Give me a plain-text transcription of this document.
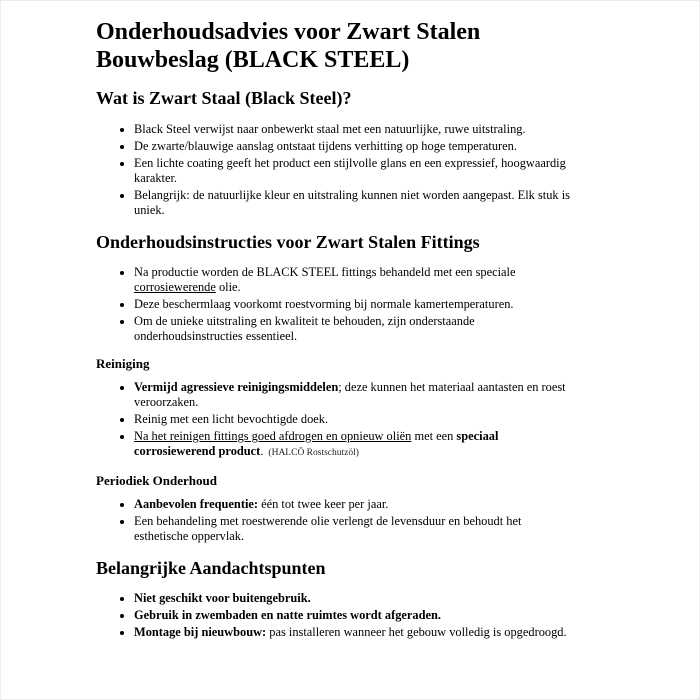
Onderhoudsadvies voor Zwart Stalen
Bouwbeslag (BLACK STEEL)
Wat is Zwart Staal (Black Steel)?
• Black Steel verwijst naar onbewerkt staal met een natuurlijke, ruwe uitstraling.
• De zwarte/blauwige aanslag ontstaat tijdens verhitting op hoge temperaturen.
• Een lichte coating geeft het product een stijlvolle glans en een expressief, hoogwaardig karakter.
• Belangrijk: de natuurlijke kleur en uitstraling kunnen niet worden aangepast. Elk stuk is uniek.
Onderhoudsinstructies voor Zwart Stalen Fittings
• Na productie worden de BLACK STEEL fittings behandeld met een speciale corrosiewerende olie.
• Deze beschermlaag voorkomt roestvorming bij normale kamertemperaturen.
• Om de unieke uitstraling en kwaliteit te behouden, zijn onderstaande onderhoudsinstructies essentieel.
Reiniging
• Vermijd agressieve reinigingsmiddelen; deze kunnen het materiaal aantasten en roest veroorzaken.
• Reinig met een licht bevochtigde doek.
• Na het reinigen fittings goed afdrogen en opnieuw oliën met een speciaal corrosiewerend product. (HALCÖ Rostschutzöl)
Periodiek Onderhoud
• Aanbevolen frequentie: één tot twee keer per jaar.
• Een behandeling met roestwerende olie verlengt de levensduur en behoudt het esthetische oppervlak.
Belangrijke Aandachtspunten
• Niet geschikt voor buitengebruik.
• Gebruik in zwembaden en natte ruimtes wordt afgeraden.
• Montage bij nieuwbouw: pas installeren wanneer het gebouw volledig is opgedroogd.
